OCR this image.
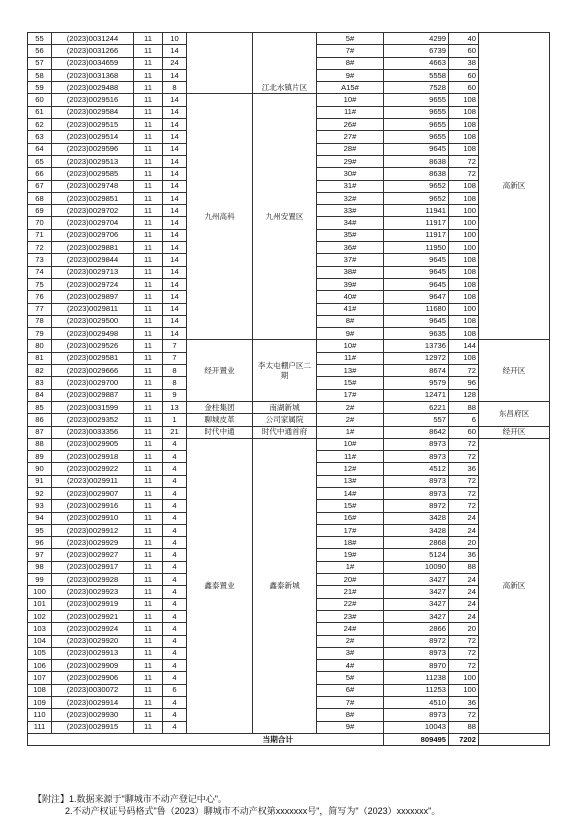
55	(2023)0031244	11	10		江北水镇片区	5#	4299	40	高新区
56	(2023)0031266	11	14			7#	6739	60	
57	(2023)0034659	11	24			8#	4663	38	
58	(2023)0031368	11	14			9#	5558	60	
59	(2023)0029488	11	8			A15#	7528	60	
60	(2023)0029516	11	14	九州高科	九州安置区	10#	9655	108	
61	(2023)0029584	11	14			11#	9655	108	
62	(2023)0029515	11	14			26#	9655	108	
63	(2023)0029514	11	14			27#	9655	108	
64	(2023)0029596	11	14			28#	9645	108	
65	(2023)0029513	11	14			29#	8638	72	
66	(2023)0029585	11	14			30#	8638	72	
67	(2023)0029748	11	14			31#	9652	108	
68	(2023)0029851	11	14			32#	9652	108	
69	(2023)0029702	11	14			33#	11941	100	
70	(2023)0029704	11	14			34#	11917	100	
71	(2023)0029706	11	14			35#	11917	100	
72	(2023)0029881	11	14			36#	11950	100	
73	(2023)0029844	11	14			37#	9645	108	
74	(2023)0029713	11	14			38#	9645	108	
75	(2023)0029724	11	14			39#	9645	108	
76	(2023)0029897	11	14			40#	9647	108	
77	(2023)0029811	11	14			41#	11680	100	
78	(2023)0029500	11	14			8#	9645	108	
79	(2023)0029498	11	14			9#	9635	108	
80	(2023)0029526	11	7	经开置业	李太屯棚户区二期	10#	13736	144	经开区
81	(2023)0029581	11	7			11#	12972	108	
82	(2023)0029666	11	8			13#	8674	72	
83	(2023)0029700	11	8			15#	9579	96	
84	(2023)0029887	11	9			17#	12471	128	
85	(2023)0031599	11	13	金柱集团	南湖新城	2#	6221	88	东昌府区
86	(2023)0029352	11	1	聊城皮革	公司家属院	2#	557	6	
87	(2023)0033356	11	21	时代中通	时代中通首府	1#	8642	60	经开区
88	(2023)0029905	11	4	鑫泰置业	鑫泰新城	10#	8973	72	高新区
89	(2023)0029918	11	4			11#	8973	72	
90	(2023)0029922	11	4			12#	4512	36	
91	(2023)0029911	11	4			13#	8973	72	
92	(2023)0029907	11	4			14#	8973	72	
93	(2023)0029916	11	4			15#	8972	72	
94	(2023)0029910	11	4			16#	3428	24	
95	(2023)0029912	11	4			17#	3428	24	
96	(2023)0029929	11	4			18#	2868	20	
97	(2023)0029927	11	4			19#	5124	36	
98	(2023)0029917	11	4			1#	10090	88	
99	(2023)0029928	11	4			20#	3427	24	
100	(2023)0029923	11	4			21#	3427	24	
101	(2023)0029919	11	4			22#	3427	24	
102	(2023)0029921	11	4			23#	3427	24	
103	(2023)0029924	11	4			24#	2866	20	
104	(2023)0029920	11	4			2#	8972	72	
105	(2023)0029913	11	4			3#	8973	72	
106	(2023)0029909	11	4			4#	8970	72	
107	(2023)0029906	11	4			5#	11238	100	
108	(2023)0030072	11	6			6#	11253	100	
109	(2023)0029914	11	4			7#	4510	36	
110	(2023)0029930	11	4			8#	8973	72	
111	(2023)0029915	11	4			9#	10043	88	
当期合计							809495	7202	
【附注】1.数据来源于"聊城市不动产登记中心"。
2.不动产权证号码格式"鲁（2023）聊城市不动产权第xxxxxxx号"，简写为"（2023）xxxxxxx"。
